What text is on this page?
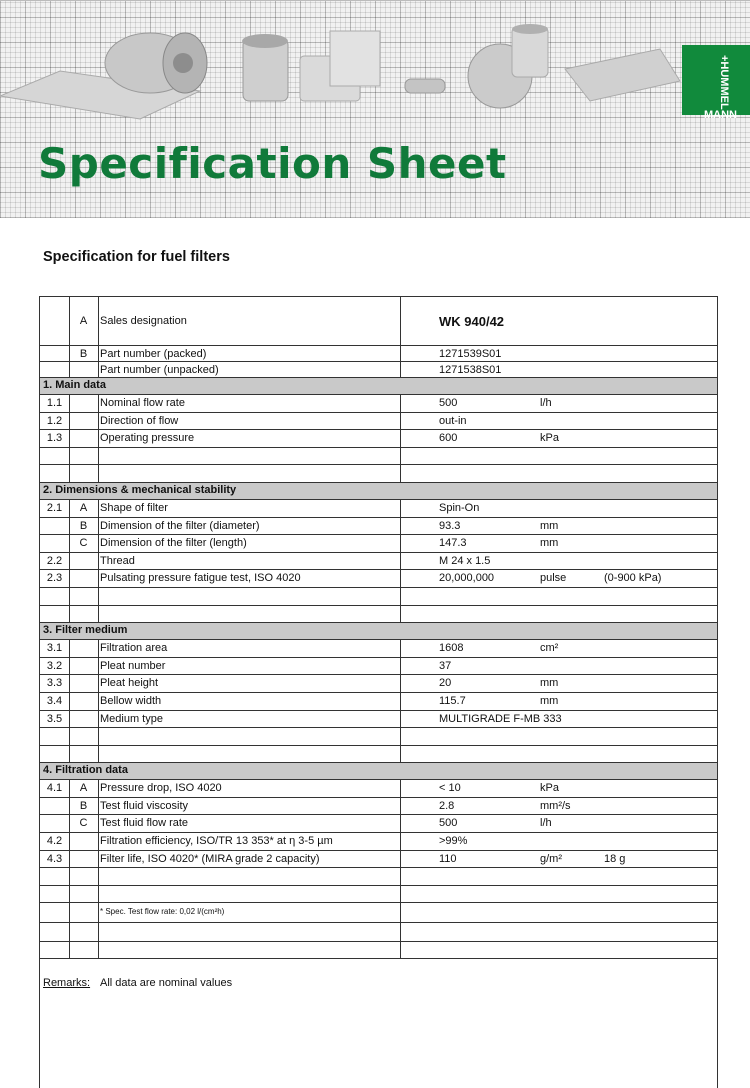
+HUMMEL
MANN
Specification Sheet
Specification for fuel filters
A	Sales designation	WK 940/42
B	Part number (packed)	1271539S01
Part number (unpacked)	1271538S01
1. Main data
1.1	Nominal flow rate	500	l/h
1.2	Direction of flow	out-in
1.3	Operating pressure	600	kPa
2. Dimensions & mechanical stability
2.1	A	Shape of filter	Spin-On
B	Dimension of the filter (diameter)	93.3	mm
C	Dimension of the filter (length)	147.3	mm
2.2	Thread	M 24 x 1.5
2.3	Pulsating pressure fatigue test, ISO 4020	20,000,000	pulse	(0-900 kPa)
3. Filter medium
3.1	Filtration area	1608	cm²
3.2	Pleat number	37
3.3	Pleat height	20	mm
3.4	Bellow width	115.7	mm
3.5	Medium type	MULTIGRADE F-MB 333
4. Filtration data
4.1	A	Pressure drop, ISO 4020	< 10	kPa
B	Test fluid viscosity	2.8	mm²/s
C	Test fluid flow rate	500	l/h
4.2	Filtration efficiency, ISO/TR 13 353* at η 3-5 µm	>99%
4.3	Filter life, ISO 4020* (MIRA grade 2 capacity)	110	g/m²	18 g
* Spec. Test flow rate: 0,02 l/(cm²h)
Remarks: All data are nominal values
